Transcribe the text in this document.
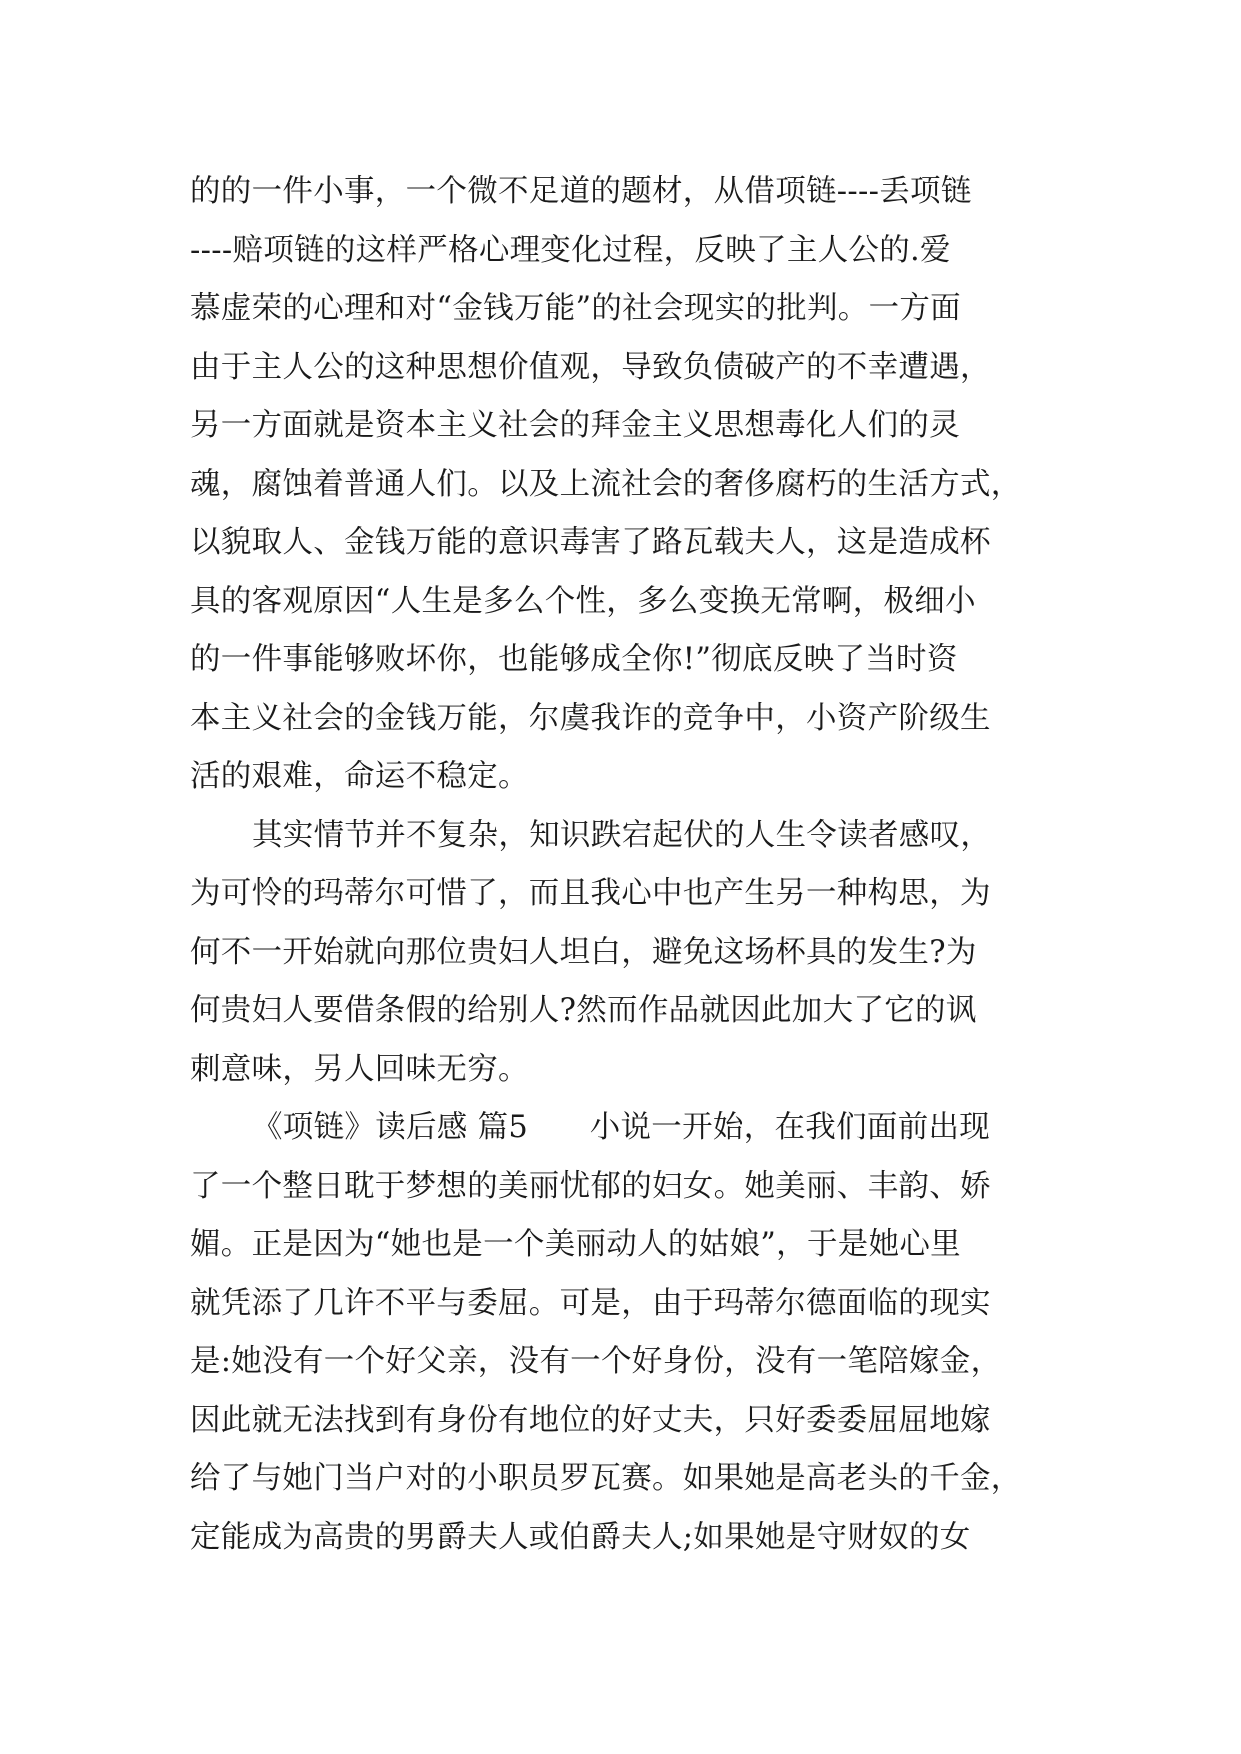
的的一件小事，一个微不足道的题材，从借项链----丢项链
----赔项链的这样严格心理变化过程，反映了主人公的.爱
慕虚荣的心理和对“金钱万能”的社会现实的批判。一方面
由于主人公的这种思想价值观，导致负债破产的不幸遭遇，
另一方面就是资本主义社会的拜金主义思想毒化人们的灵
魂，腐蚀着普通人们。以及上流社会的奢侈腐朽的生活方式，
以貌取人、金钱万能的意识毒害了路瓦载夫人，这是造成杯
具的客观原因“人生是多么个性，多么变换无常啊，极细小
的一件事能够败坏你，也能够成全你!”彻底反映了当时资
本主义社会的金钱万能，尔虞我诈的竞争中，小资产阶级生
活的艰难，命运不稳定。
其实情节并不复杂，知识跌宕起伏的人生令读者感叹，
为可怜的玛蒂尔可惜了，而且我心中也产生另一种构思，为
何不一开始就向那位贵妇人坦白，避免这场杯具的发生?为
何贵妇人要借条假的给别人?然而作品就因此加大了它的讽
刺意味，另人回味无穷。
《项链》读后感 篇5　　小说一开始，在我们面前出现
了一个整日耽于梦想的美丽忧郁的妇女。她美丽、丰韵、娇
媚。正是因为“她也是一个美丽动人的姑娘”，于是她心里
就凭添了几许不平与委屈。可是，由于玛蒂尔德面临的现实
是:她没有一个好父亲，没有一个好身份，没有一笔陪嫁金，
因此就无法找到有身份有地位的好丈夫，只好委委屈屈地嫁
给了与她门当户对的小职员罗瓦赛。如果她是高老头的千金，
定能成为高贵的男爵夫人或伯爵夫人;如果她是守财奴的女
